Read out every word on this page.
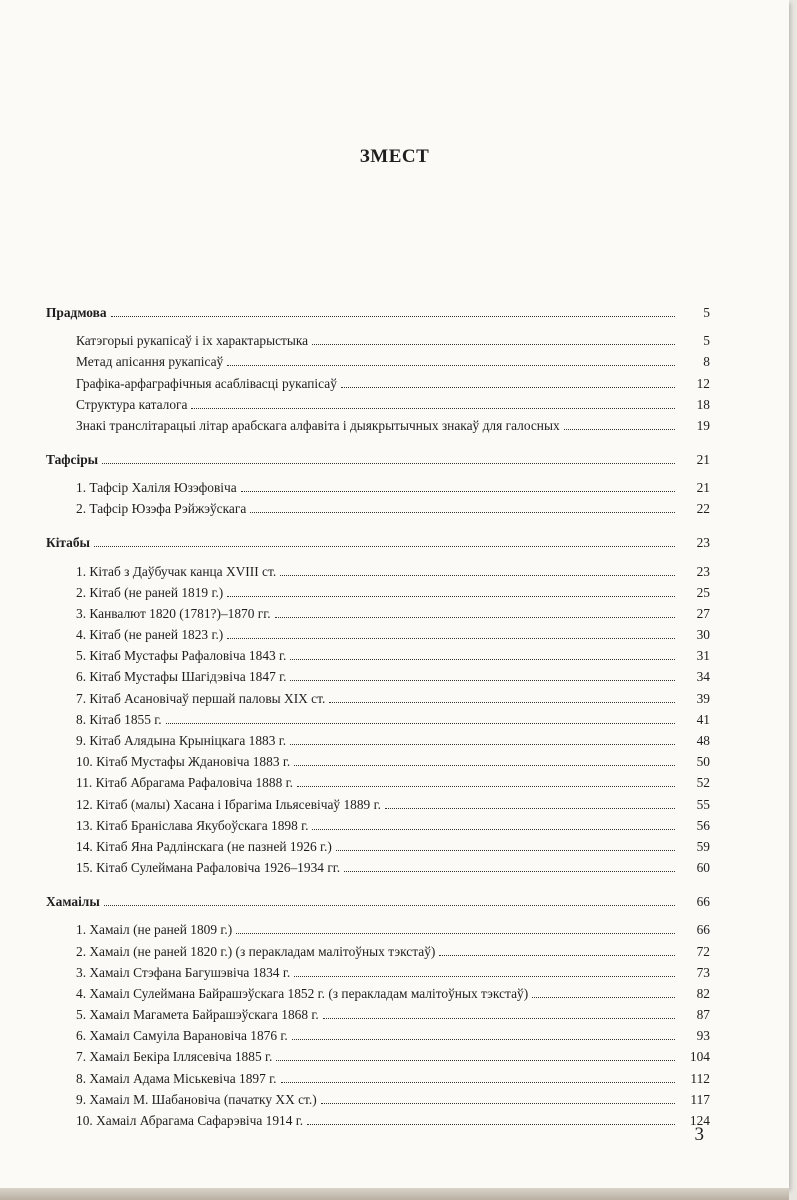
ЗМЕСТ
Прадмова	5
Катэгорыі рукапісаў і іх характарыстыка	5
Метад апісання рукапісаў	8
Графіка-арфаграфічныя асаблівасці рукапісаў	12
Структура каталога	18
Знакі транслітарацыі літар арабскага алфавіта і дыякрытычных знакаў для галосных	19
Тафсіры	21
1. Тафсір Халіля Юзэфовіча	21
2. Тафсір Юзэфа Рэйжэўскага	22
Кітабы	23
1. Кітаб з Даўбучак канца XVIII ст.	23
2. Кітаб (не раней 1819 г.)	25
3. Канвалют 1820 (1781?)–1870 гг.	27
4. Кітаб (не раней 1823 г.)	30
5. Кітаб Мустафы Рафаловіча 1843 г.	31
6. Кітаб Мустафы Шагідэвіча 1847 г.	34
7. Кітаб Асановічаў першай паловы XIX ст.	39
8. Кітаб 1855 г.	41
9. Кітаб Алядына Крыніцкага 1883 г.	48
10. Кітаб Мустафы Ждановіча 1883 г.	50
11. Кітаб Абрагама Рафаловіча 1888 г.	52
12. Кітаб (малы) Хасана і Ібрагіма Ільясевічаў 1889 г.	55
13. Кітаб Браніслава Якубоўскага 1898 г.	56
14. Кітаб Яна Радлінскага (не пазней 1926 г.)	59
15. Кітаб Сулеймана Рафаловіча 1926–1934 гг.	60
Хамаілы	66
1. Хамаіл (не раней 1809 г.)	66
2. Хамаіл (не раней 1820 г.) (з перакладам малітоўных тэкстаў)	72
3. Хамаіл Стэфана Багушэвіча 1834 г.	73
4. Хамаіл Сулеймана Байрашэўскага 1852 г. (з перакладам малітоўных тэкстаў)	82
5. Хамаіл Магамета Байрашэўскага 1868 г.	87
6. Хамаіл Самуіла Варановіча 1876 г.	93
7. Хамаіл Бекіра Ілляcевіча 1885 г.	104
8. Хамаіл Адама Міськевіча 1897 г.	112
9. Хамаіл М. Шабановіча (пачатку XX ст.)	117
10. Хамаіл Абрагама Сафарэвіча 1914 г.	124
3
